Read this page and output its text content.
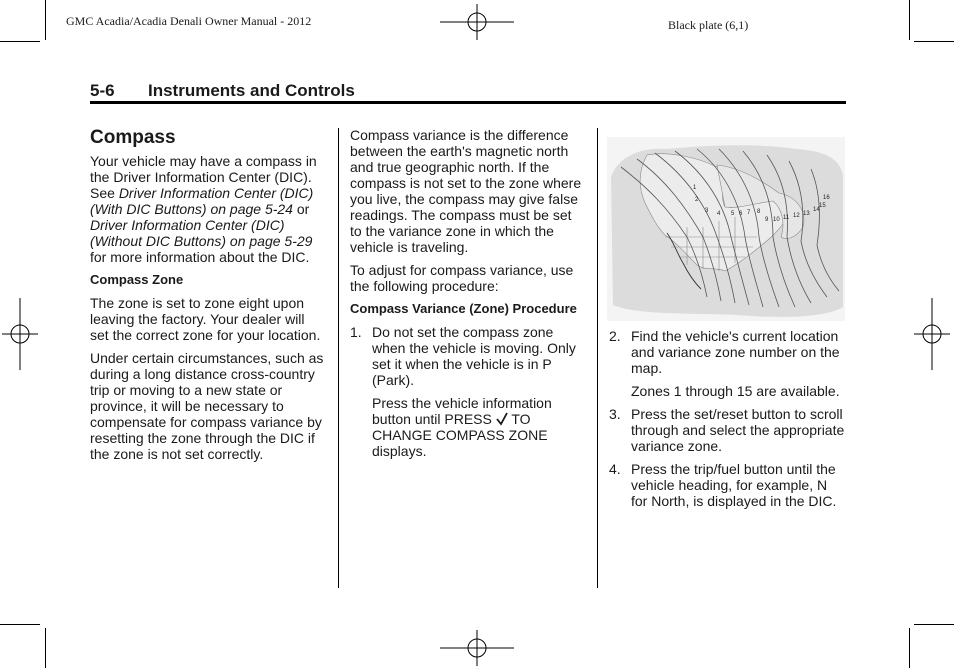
GMC Acadia/Acadia Denali Owner Manual - 2012	Black plate (6,1)
5-6 Instruments and Controls
Compass

Your vehicle may have a compass in the Driver Information Center (DIC). See Driver Information Center (DIC) (With DIC Buttons) on page 5-24 or Driver Information Center (DIC) (Without DIC Buttons) on page 5-29 for more information about the DIC.

Compass Zone

The zone is set to zone eight upon leaving the factory. Your dealer will set the correct zone for your location.

Under certain circumstances, such as during a long distance cross-country trip or moving to a new state or province, it will be necessary to compensate for compass variance by resetting the zone through the DIC if the zone is not set correctly.

Compass variance is the difference between the earth's magnetic north and true geographic north. If the compass is not set to the zone where you live, the compass may give false readings. The compass must be set to the variance zone in which the vehicle is traveling.

To adjust for compass variance, use the following procedure:

Compass Variance (Zone) Procedure
1. Do not set the compass zone when the vehicle is moving. Only set it when the vehicle is in P (Park).

Press the vehicle information button until PRESS  TO CHANGE COMPASS ZONE displays.

1
2
3 4 5 6 7 8
9 10 11 12 13
14
15
16
2. Find the vehicle's current location and variance zone number on the map.

Zones 1 through 15 are available.

3. Press the set/reset button to scroll through and select the appropriate variance zone.

4. Press the trip/fuel button until the vehicle heading, for example, N for North, is displayed in the DIC.
